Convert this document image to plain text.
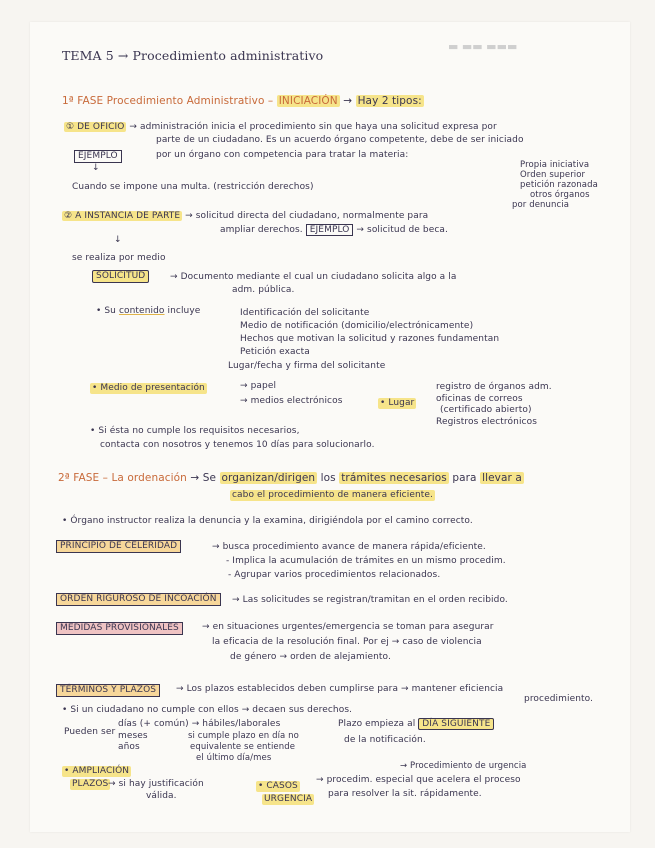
▬ ▬▬ ▬▬▬
TEMA 5 → Procedimiento administrativo
1ª FASE Procedimiento Administrativo – INICIACIÓN → Hay 2 tipos:
① DE OFICIO → administración inicia el procedimiento sin que haya una solicitud expresa por
parte de un ciudadano. Es un acuerdo órgano competente, debe de ser iniciado
EJEMPLO	por un órgano con competencia para tratar la materia:
↓	Propia iniciativa
Orden superior
petición razonada
otros órganos
por denuncia
Cuando se impone una multa. (restricción derechos)
② A INSTANCIA DE PARTE → solicitud directa del ciudadano, normalmente para
ampliar derechos. EJEMPLO → solicitud de beca.
↓
se realiza por medio
SOLICITUD	→ Documento mediante el cual un ciudadano solicita algo a la
adm. pública.
• Su contenido incluye	Identificación del solicitante
Medio de notificación (domicilio/electrónicamente)
Hechos que motivan la solicitud y razones fundamentan
Petición exacta
Lugar/fecha y firma del solicitante
• Medio de presentación	→ papel
→ medios electrónicos	• Lugar
registro de órganos adm.
oficinas de correos
(certificado abierto)
Registros electrónicos
• Si ésta no cumple los requisitos necesarios,
contacta con nosotros y tenemos 10 días para solucionarlo.
2ª FASE – La ordenación → Se organizan/dirigen los trámites necesarios para llevar a
cabo el procedimiento de manera eficiente.
• Órgano instructor realiza la denuncia y la examina, dirigiéndola por el camino correcto.
PRINCIPIO DE CELERIDAD	→ busca procedimiento avance de manera rápida/eficiente.
- Implica la acumulación de trámites en un mismo procedim.
- Agrupar varios procedimientos relacionados.
ORDEN RIGUROSO DE INCOACIÓN	→ Las solicitudes se registran/tramitan en el orden recibido.
MEDIDAS PROVISIONALES	→ en situaciones urgentes/emergencia se toman para asegurar
la eficacia de la resolución final. Por ej → caso de violencia
de género → orden de alejamiento.
TÉRMINOS Y PLAZOS	→ Los plazos establecidos deben cumplirse para → mantener eficiencia
procedimiento.
• Si un ciudadano no cumple con ellos → decaen sus derechos.
Pueden ser
días (+ común) → hábiles/laborales
meses
años
si cumple plazo en día no
equivalente se entiende
el último día/mes
Plazo empieza al DÍA SIGUIENTE
de la notificación.
• AMPLIACIÓN
PLAZOS → si hay justificación
válida.
→ Procedimiento de urgencia
• CASOS
URGENCIA
→ procedim. especial que acelera el proceso
para resolver la sit. rápidamente.
